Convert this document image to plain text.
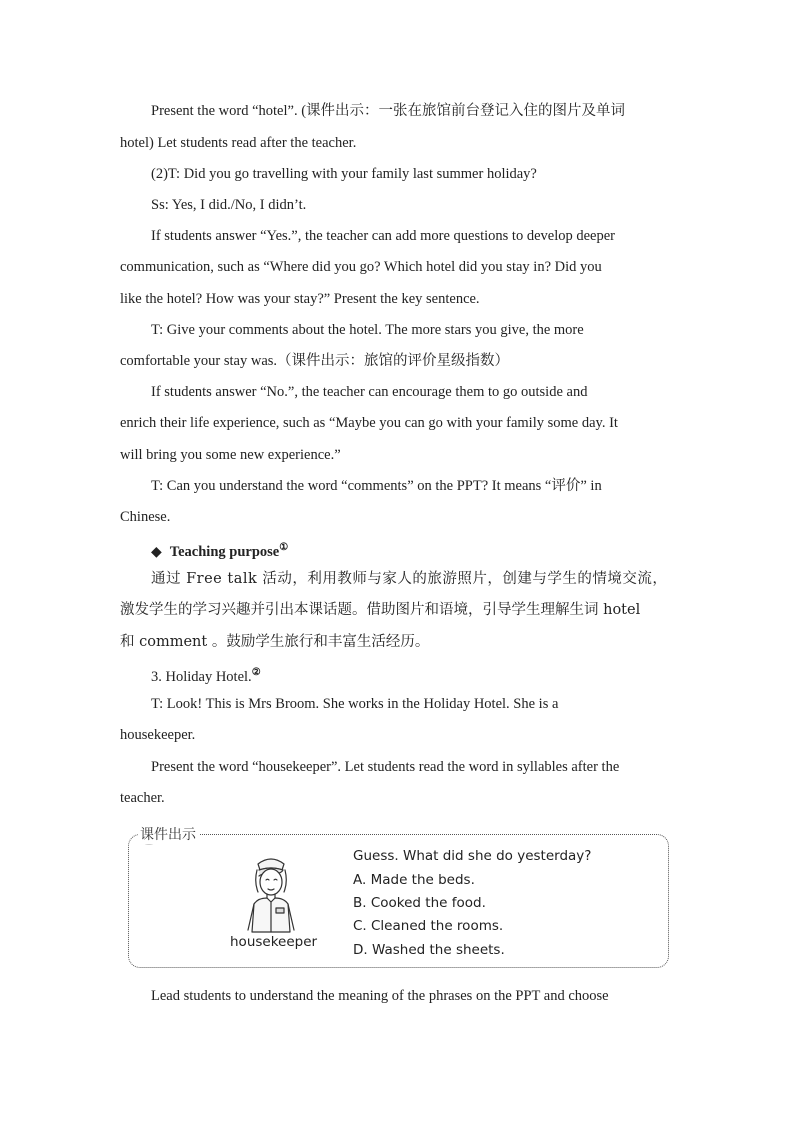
Present the word “hotel”. (课件出示：一张在旅馆前台登记入住的图片及单词
hotel) Let students read after the teacher.
(2)T: Did you go travelling with your family last summer holiday?
Ss: Yes, I did./No, I didn’t.
If students answer “Yes.”, the teacher can add more questions to develop deeper
communication, such as “Where did you go? Which hotel did you stay in? Did you
like the hotel? How was your stay?” Present the key sentence.
T: Give your comments about the hotel. The more stars you give, the more
comfortable your stay was.（课件出示：旅馆的评价星级指数）
If students answer “No.”, the teacher can encourage them to go outside and
enrich their life experience, such as “Maybe you can go with your family some day. It
will bring you some new experience.”
T: Can you understand the word “comments” on the PPT? It means “评价” in
Chinese.
◆ Teaching purpose①
通过 Free talk 活动，利用教师与家人的旅游照片，创建与学生的情境交流，
激发学生的学习兴趣并引出本课话题。借助图片和语境，引导学生理解生词 hotel
和 comment 。鼓励学生旅行和丰富生活经历。
3. Holiday Hotel.②
T: Look! This is Mrs Broom. She works in the Holiday Hotel. She is a
housekeeper.
Present the word “housekeeper”. Let students read the word in syllables after the
teacher.
课件出示
housekeeper
Guess. What did she do yesterday?
A. Made the beds.
B. Cooked the food.
C. Cleaned the rooms.
D. Washed the sheets.
Lead students to understand the meaning of the phrases on the PPT and choose
